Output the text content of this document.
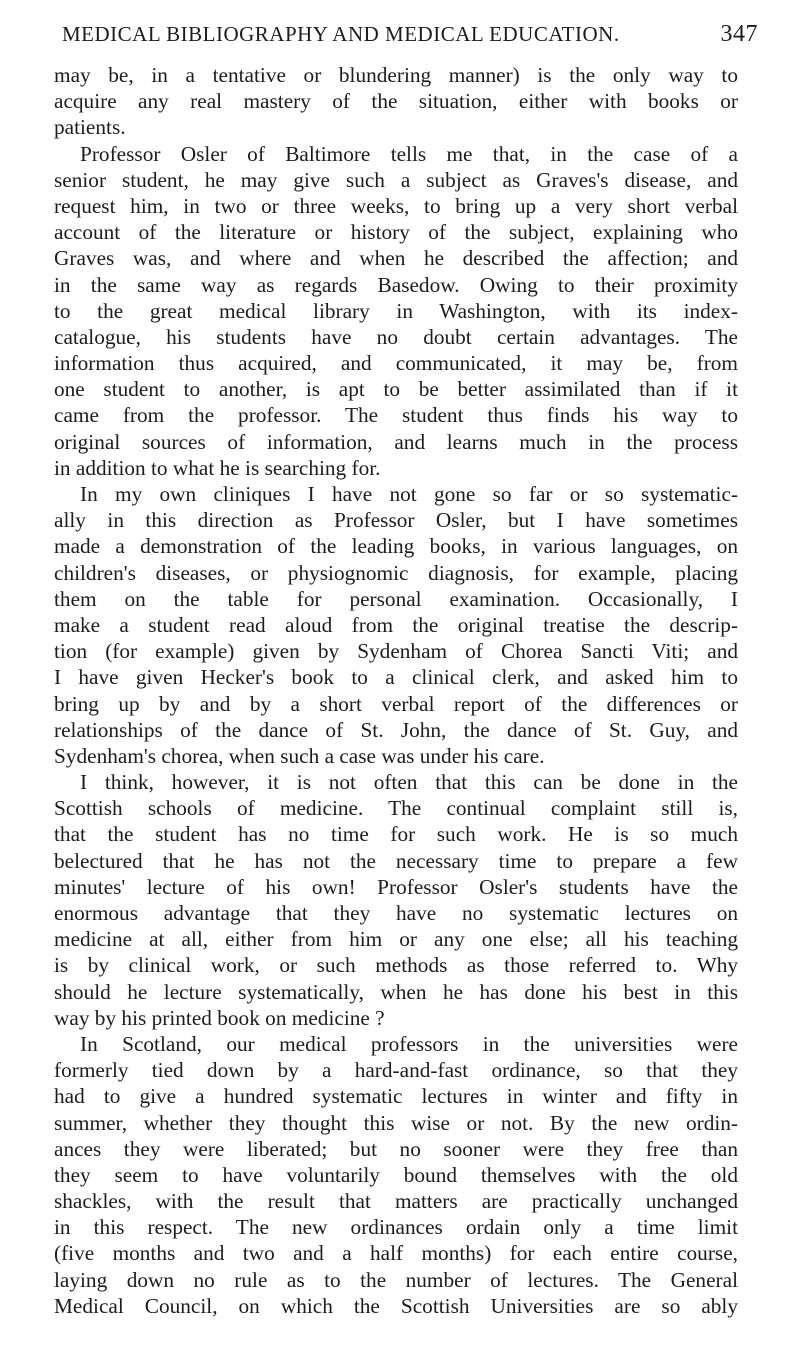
MEDICAL BIBLIOGRAPHY AND MEDICAL EDUCATION.	347
may be, in a tentative or blundering manner) is the only way to
acquire any real mastery of the situation, either with books or
patients.
Professor Osler of Baltimore tells me that, in the case of a
senior student, he may give such a subject as Graves's disease, and
request him, in two or three weeks, to bring up a very short verbal
account of the literature or history of the subject, explaining who
Graves was, and where and when he described the affection; and
in the same way as regards Basedow. Owing to their proximity
to the great medical library in Washington, with its index-
catalogue, his students have no doubt certain advantages. The
information thus acquired, and communicated, it may be, from
one student to another, is apt to be better assimilated than if it
came from the professor. The student thus finds his way to
original sources of information, and learns much in the process
in addition to what he is searching for.
In my own cliniques I have not gone so far or so systematic-
ally in this direction as Professor Osler, but I have sometimes
made a demonstration of the leading books, in various languages, on
children's diseases, or physiognomic diagnosis, for example, placing
them on the table for personal examination. Occasionally, I
make a student read aloud from the original treatise the descrip-
tion (for example) given by Sydenham of Chorea Sancti Viti; and
I have given Hecker's book to a clinical clerk, and asked him to
bring up by and by a short verbal report of the differences or
relationships of the dance of St. John, the dance of St. Guy, and
Sydenham's chorea, when such a case was under his care.
I think, however, it is not often that this can be done in the
Scottish schools of medicine. The continual complaint still is,
that the student has no time for such work. He is so much
belectured that he has not the necessary time to prepare a few
minutes' lecture of his own! Professor Osler's students have the
enormous advantage that they have no systematic lectures on
medicine at all, either from him or any one else; all his teaching
is by clinical work, or such methods as those referred to. Why
should he lecture systematically, when he has done his best in this
way by his printed book on medicine ?
In Scotland, our medical professors in the universities were
formerly tied down by a hard-and-fast ordinance, so that they
had to give a hundred systematic lectures in winter and fifty in
summer, whether they thought this wise or not. By the new ordin-
ances they were liberated; but no sooner were they free than
they seem to have voluntarily bound themselves with the old
shackles, with the result that matters are practically unchanged
in this respect. The new ordinances ordain only a time limit
(five months and two and a half months) for each entire course,
laying down no rule as to the number of lectures. The General
Medical Council, on which the Scottish Universities are so ably
